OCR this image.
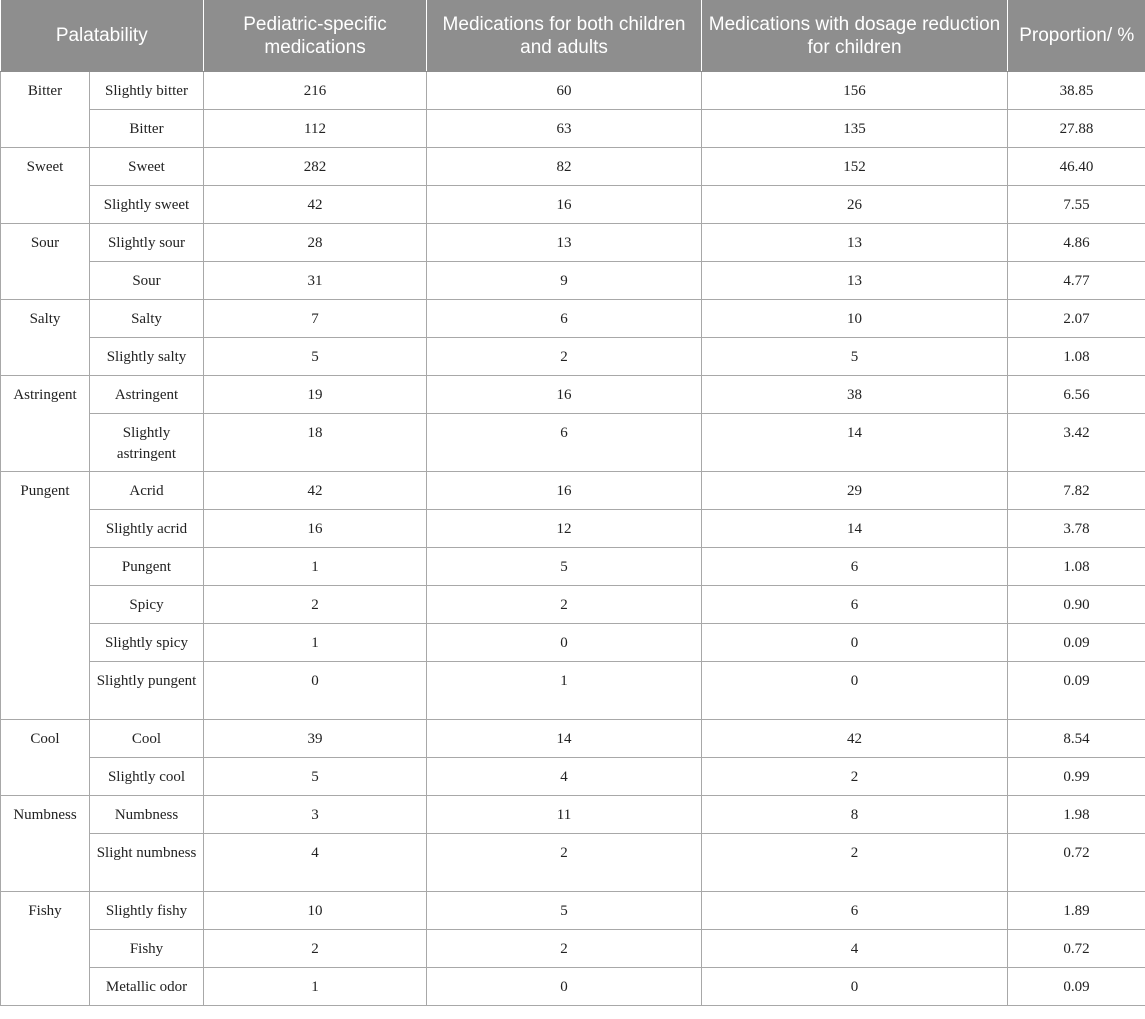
Palatability		Pediatric-specific medications	Medications for both children and adults	Medications with dosage reduction for children	Proportion/ %
Bitter	Slightly bitter	216	60	156	38.85
	Bitter	112	63	135	27.88
Sweet	Sweet	282	82	152	46.40
	Slightly sweet	42	16	26	7.55
Sour	Slightly sour	28	13	13	4.86
	Sour	31	9	13	4.77
Salty	Salty	7	6	10	2.07
	Slightly salty	5	2	5	1.08
Astringent	Astringent	19	16	38	6.56
	Slightly astringent	18	6	14	3.42
Pungent	Acrid	42	16	29	7.82
	Slightly acrid	16	12	14	3.78
	Pungent	1	5	6	1.08
	Spicy	2	2	6	0.90
	Slightly spicy	1	0	0	0.09
	Slightly pungent	0	1	0	0.09
Cool	Cool	39	14	42	8.54
	Slightly cool	5	4	2	0.99
Numbness	Numbness	3	11	8	1.98
	Slight numbness	4	2	2	0.72
Fishy	Slightly fishy	10	5	6	1.89
	Fishy	2	2	4	0.72
	Metallic odor	1	0	0	0.09
